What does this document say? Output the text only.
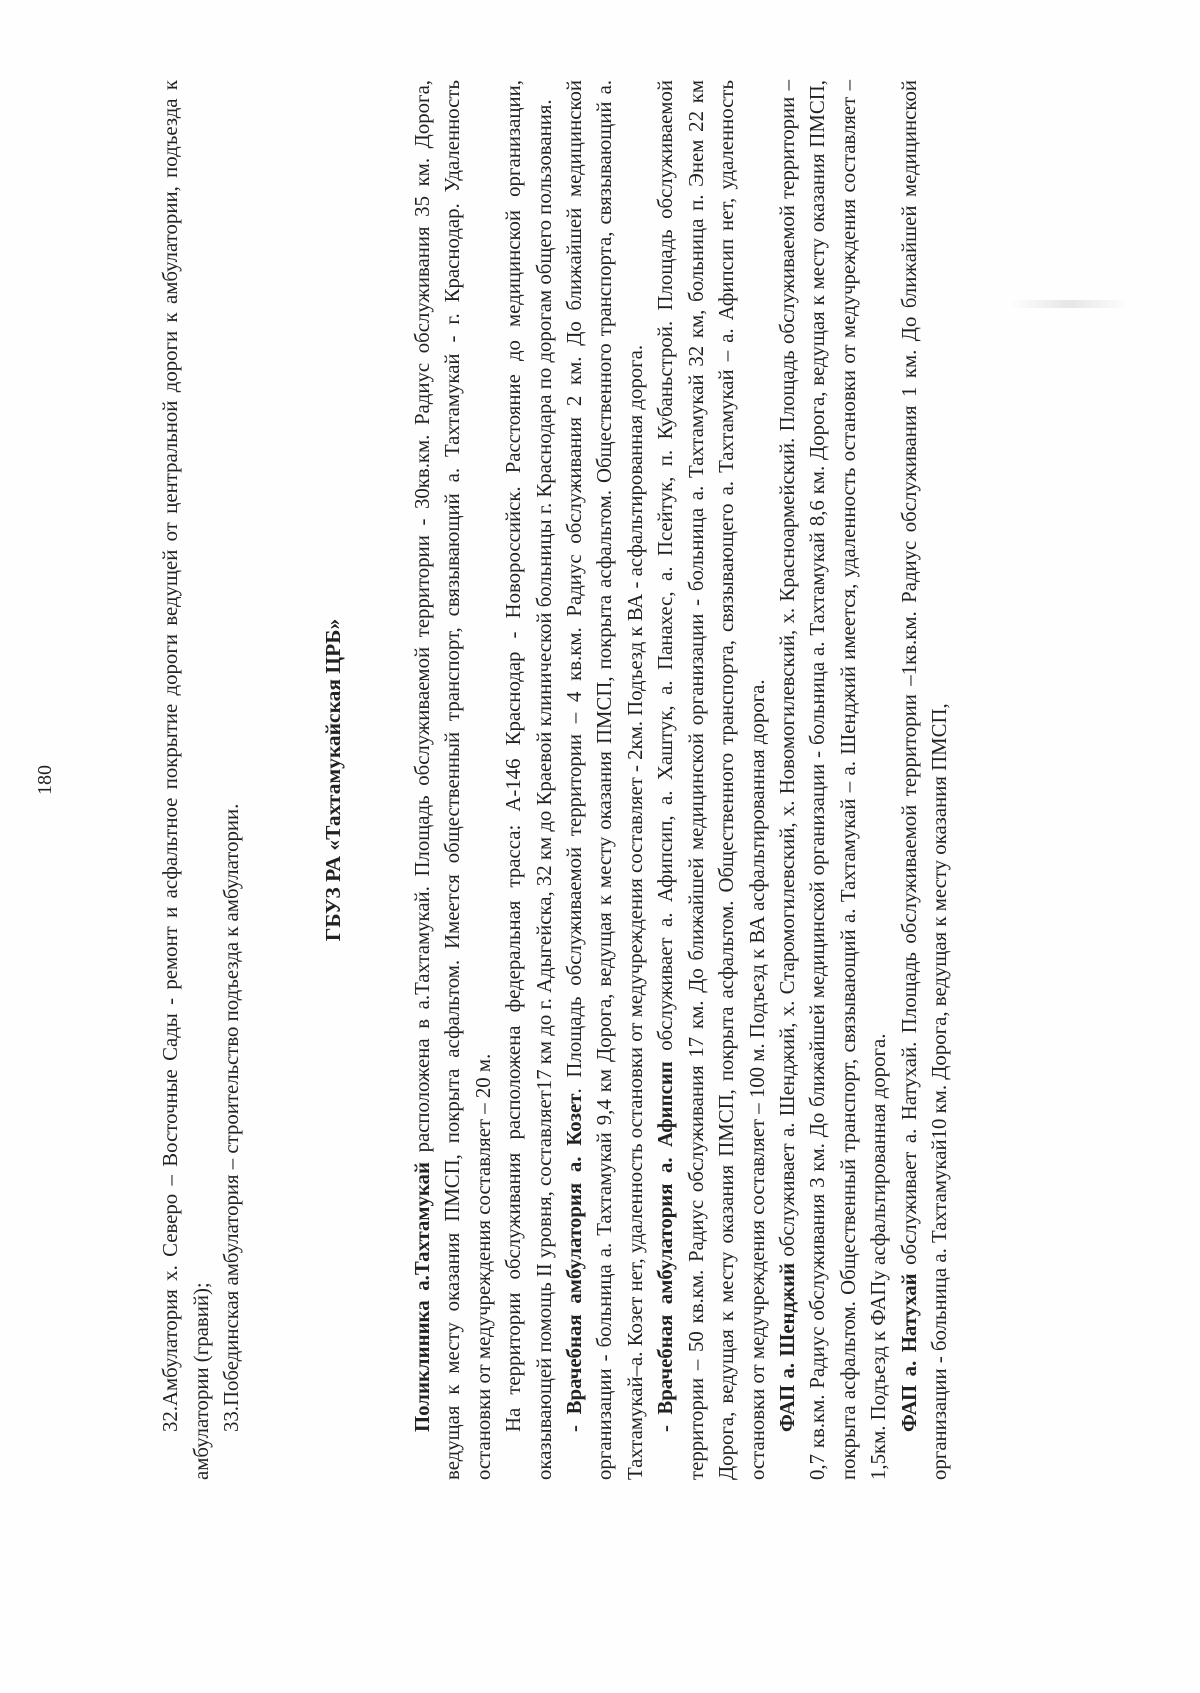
180	32.Амбулатория х. Северо – Восточные Сады - ремонт и асфальтное покрытие дороги ведущей от центральной дороги к амбулатории, подъезда к амбулатории (гравий); 33.Побединская амбулатория – строительство подъезда к амбулатории.

ГБУЗ РА «Тахтамукайская ЦРБ»

Поликлиника а.Тахтамукай расположена в а.Тахтамукай. Площадь обслуживаемой территории - 30кв.км. Радиус обслуживания 35 км. Дорога, ведущая к месту оказания ПМСП, покрыта асфальтом. Имеется общественный транспорт, связывающий а. Тахтамукай - г. Краснодар. Удаленность остановки от медучреждения составляет – 20 м. На территории обслуживания расположена федеральная трасса: А-146 Краснодар - Новороссийск. Расстояние до медицинской организации, оказывающей помощь II уровня, составляет17 км до г. Адыгейска, 32 км до Краевой клинической больницы г. Краснодара по дорогам общего пользования. - Врачебная амбулатория а. Козет. Площадь обслуживаемой территории – 4 кв.км. Радиус обслуживания 2 км. До ближайшей медицинской организации - больница а. Тахтамукай 9,4 км Дорога, ведущая к месту оказания ПМСП, покрыта асфальтом. Общественного транспорта, связывающий а. Тахтамукай–а. Козет нет, удаленность остановки от медучреждения составляет - 2км. Подъезд к ВА - асфальтированная дорога. - Врачебная амбулатория а. Афипсип обслуживает а. Афипсип, а. Хаштук, а. Панахес, а. Псейтук, п. Кубаньстрой. Площадь обслуживаемой территории – 50 кв.км. Радиус обслуживания 17 км. До ближайшей медицинской организации - больница а. Тахтамукай 32 км, больница п. Энем 22 км Дорога, ведущая к месту оказания ПМСП, покрыта асфальтом. Общественного транспорта, связывающего а. Тахтамукай – а. Афипсип нет, удаленность остановки от медучреждения составляет – 100 м. Подъезд к ВА асфальтированная дорога. ФАП а. Шенджий обслуживает а. Шенджий, х. Старомогилевский, х. Новомогилевский, х. Красноармейский. Площадь обслуживаемой территории –0,7 кв.км. Радиус обслуживания 3 км. До ближайшей медицинской организации - больница а. Тахтамукай 8,6 км. Дорога, ведущая к месту оказания ПМСП, покрыта асфальтом. Общественный транспорт, связывающий а. Тахтамукай – а. Шенджий имеется, удаленность остановки от медучреждения составляет – 1,5км. Подъезд к ФАПу асфальтированная дорога. ФАП а. Натухай обслуживает а. Натухай. Площадь обслуживаемой территории –1кв.км. Радиус обслуживания 1 км. До ближайшей медицинской организации - больница а. Тахтамукай10 км. Дорога, ведущая к месту оказания ПМСП,
